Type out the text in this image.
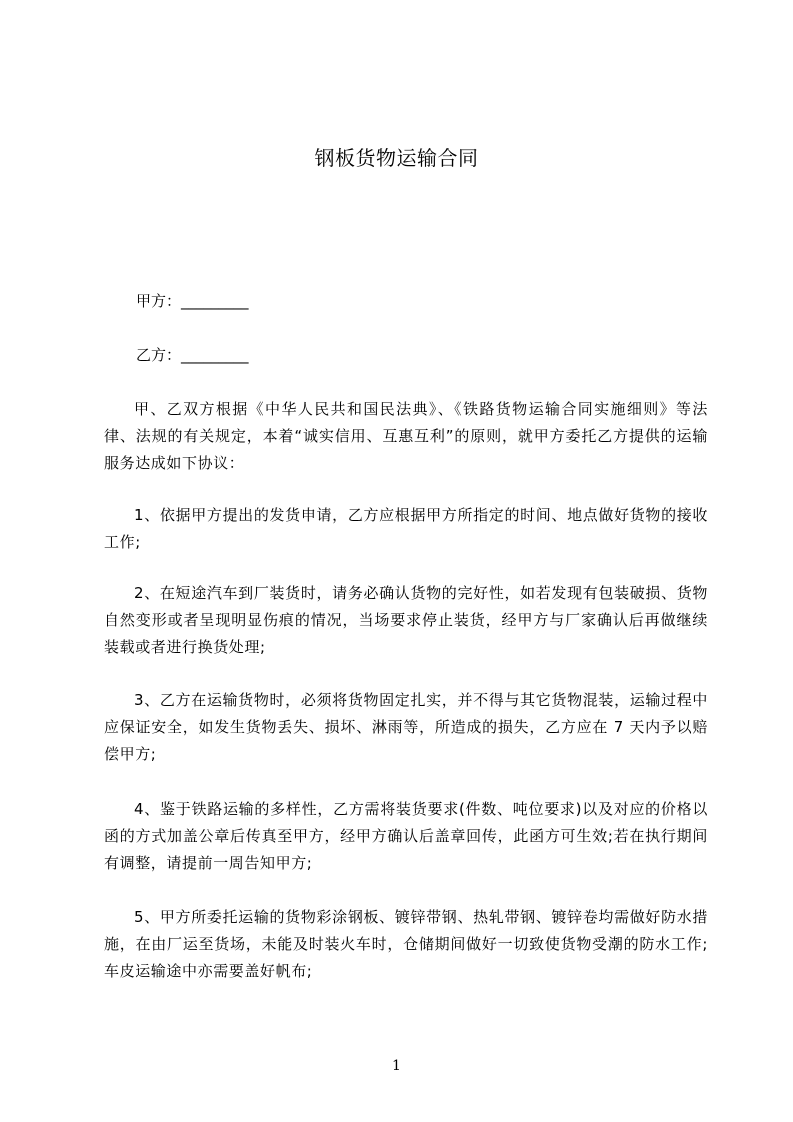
钢板货物运输合同
甲方：_________
乙方：_________

甲、乙双方根据《中华人民共和国民法典》、《铁路货物运输合同实施细则》等法律、法规的有关规定，本着“诚实信用、互惠互利”的原则，就甲方委托乙方提供的运输服务达成如下协议：

1、依据甲方提出的发货申请，乙方应根据甲方所指定的时间、地点做好货物的接收工作;

2、在短途汽车到厂装货时，请务必确认货物的完好性，如若发现有包装破损、货物自然变形或者呈现明显伤痕的情况，当场要求停止装货，经甲方与厂家确认后再做继续装载或者进行换货处理;

3、乙方在运输货物时，必须将货物固定扎实，并不得与其它货物混装，运输过程中应保证安全，如发生货物丢失、损坏、淋雨等，所造成的损失，乙方应在 7 天内予以赔偿甲方;

4、鉴于铁路运输的多样性，乙方需将装货要求(件数、吨位要求)以及对应的价格以函的方式加盖公章后传真至甲方，经甲方确认后盖章回传，此函方可生效;若在执行期间有调整，请提前一周告知甲方;

5、甲方所委托运输的货物彩涂钢板、镀锌带钢、热轧带钢、镀锌卷均需做好防水措施，在由厂运至货场，未能及时装火车时，仓储期间做好一切致使货物受潮的防水工作;车皮运输途中亦需要盖好帆布;

1
